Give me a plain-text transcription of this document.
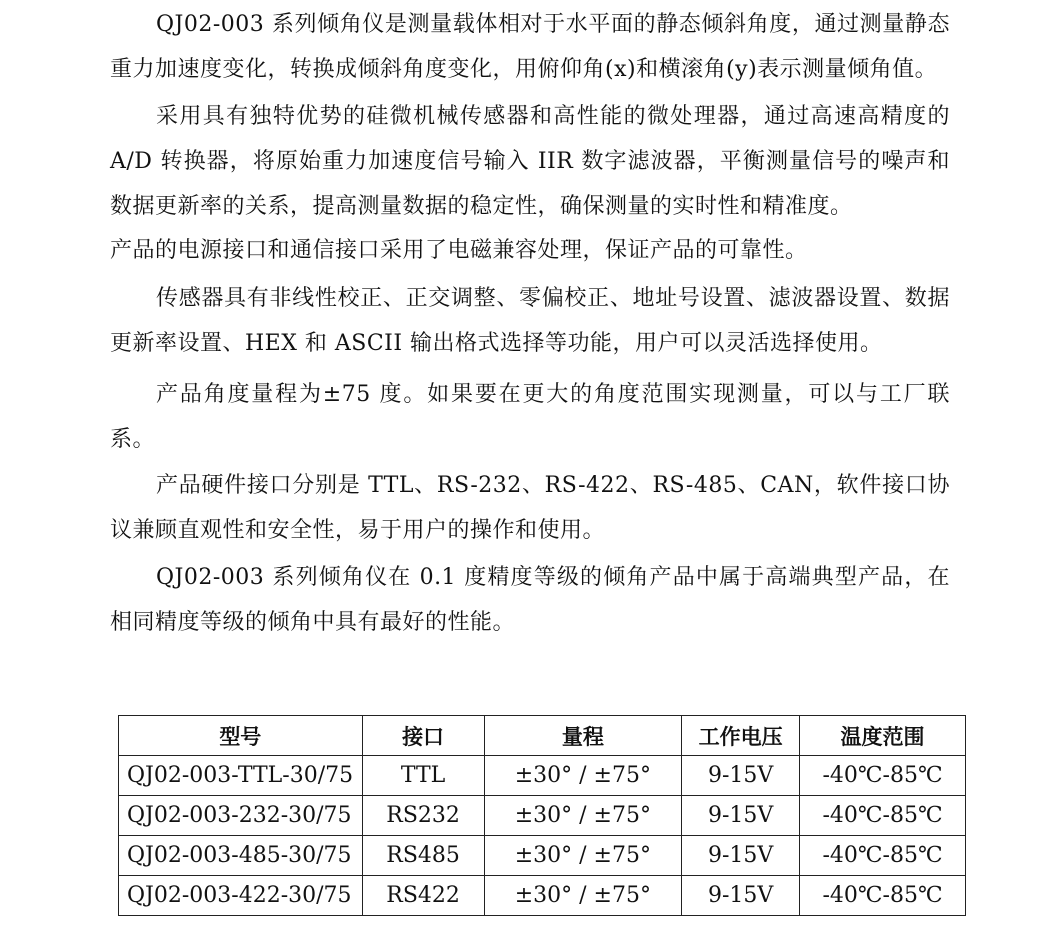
QJ02-003 系列倾角仪是测量载体相对于水平面的静态倾斜角度，通过测量静态重力加速度变化，转换成倾斜角度变化，用俯仰角(x)和横滚角(y)表示测量倾角值。

采用具有独特优势的硅微机械传感器和高性能的微处理器，通过高速高精度的 A/D 转换器，将原始重力加速度信号输入 IIR 数字滤波器，平衡测量信号的噪声和数据更新率的关系，提高测量数据的稳定性，确保测量的实时性和精准度。

产品的电源接口和通信接口采用了电磁兼容处理，保证产品的可靠性。

传感器具有非线性校正、正交调整、零偏校正、地址号设置、滤波器设置、数据更新率设置、HEX 和 ASCII 输出格式选择等功能，用户可以灵活选择使用。

产品角度量程为±75 度。如果要在更大的角度范围实现测量，可以与工厂联系。

产品硬件接口分别是 TTL、RS-232、RS-422、RS-485、CAN，软件接口协议兼顾直观性和安全性，易于用户的操作和使用。

QJ02-003 系列倾角仪在 0.1 度精度等级的倾角产品中属于高端典型产品，在相同精度等级的倾角中具有最好的性能。

型号	接口	量程	工作电压	温度范围
QJ02-003-TTL-30/75	TTL	±30° / ±75°	9-15V	-40℃-85℃
QJ02-003-232-30/75	RS232	±30° / ±75°	9-15V	-40℃-85℃
QJ02-003-485-30/75	RS485	±30° / ±75°	9-15V	-40℃-85℃
QJ02-003-422-30/75	RS422	±30° / ±75°	9-15V	-40℃-85℃
